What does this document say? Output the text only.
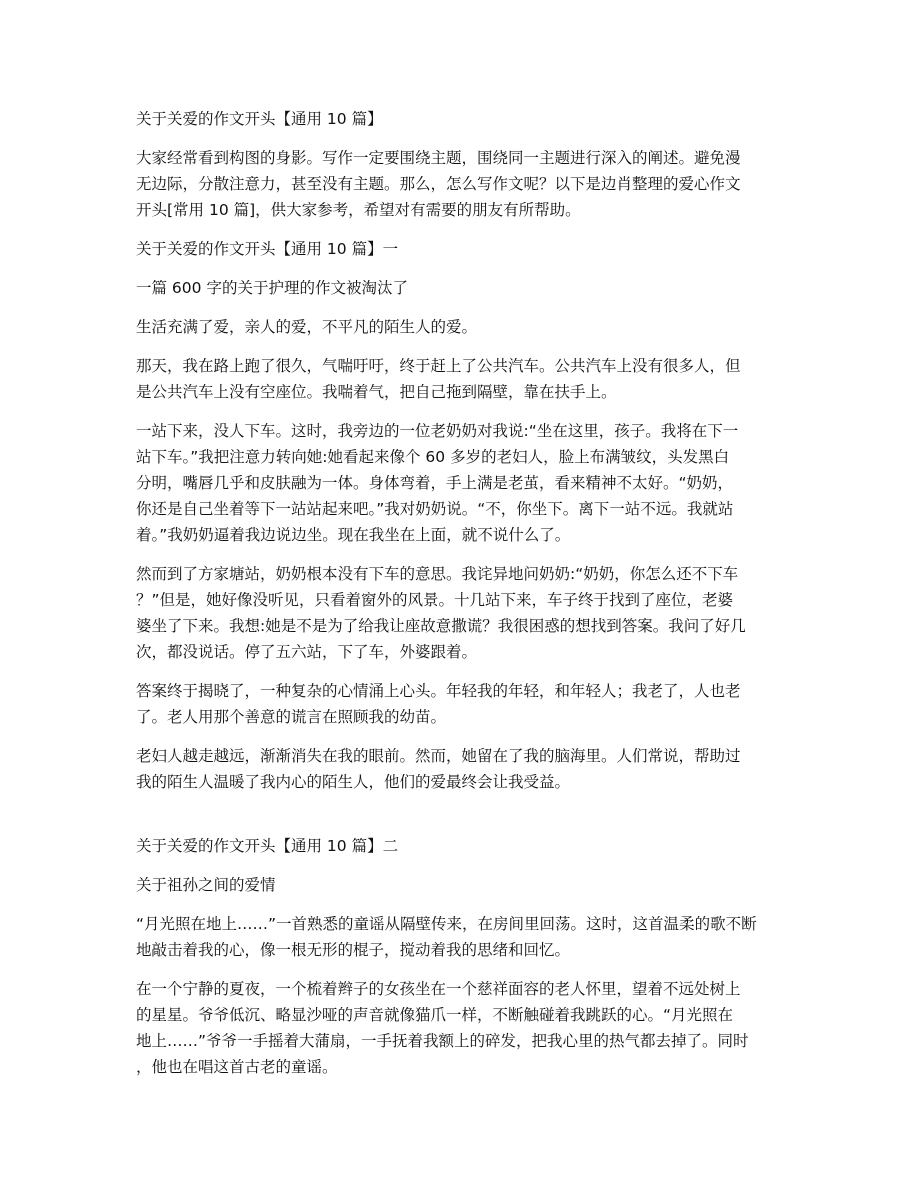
关于关爱的作文开头【通用 10 篇】
大家经常看到构图的身影。写作一定要围绕主题，围绕同一主题进行深入的阐述。避免漫
无边际，分散注意力，甚至没有主题。那么，怎么写作文呢？以下是边肖整理的爱心作文
开头[常用 10 篇]，供大家参考，希望对有需要的朋友有所帮助。
关于关爱的作文开头【通用 10 篇】一
一篇 600 字的关于护理的作文被淘汰了
生活充满了爱，亲人的爱，不平凡的陌生人的爱。
那天，我在路上跑了很久，气喘吁吁，终于赶上了公共汽车。公共汽车上没有很多人，但
是公共汽车上没有空座位。我喘着气，把自己拖到隔壁，靠在扶手上。
一站下来，没人下车。这时，我旁边的一位老奶奶对我说:“坐在这里，孩子。我将在下一
站下车。”我把注意力转向她:她看起来像个 60 多岁的老妇人，脸上布满皱纹，头发黑白
分明，嘴唇几乎和皮肤融为一体。身体弯着，手上满是老茧，看来精神不太好。“奶奶，
你还是自己坐着等下一站站起来吧。”我对奶奶说。“不，你坐下。离下一站不远。我就站
着。”我奶奶逼着我边说边坐。现在我坐在上面，就不说什么了。
然而到了方家塘站，奶奶根本没有下车的意思。我诧异地问奶奶:“奶奶，你怎么还不下车
？”但是，她好像没听见，只看着窗外的风景。十几站下来，车子终于找到了座位，老婆
婆坐了下来。我想:她是不是为了给我让座故意撒谎？我很困惑的想找到答案。我问了好几
次，都没说话。停了五六站，下了车，外婆跟着。
答案终于揭晓了，一种复杂的心情涌上心头。年轻我的年轻，和年轻人；我老了，人也老
了。老人用那个善意的谎言在照顾我的幼苗。
老妇人越走越远，渐渐消失在我的眼前。然而，她留在了我的脑海里。人们常说，帮助过
我的陌生人温暖了我内心的陌生人，他们的爱最终会让我受益。
关于关爱的作文开头【通用 10 篇】二
关于祖孙之间的爱情
“月光照在地上……”一首熟悉的童谣从隔壁传来，在房间里回荡。这时，这首温柔的歌不断
地敲击着我的心，像一根无形的棍子，搅动着我的思绪和回忆。
在一个宁静的夏夜，一个梳着辫子的女孩坐在一个慈祥面容的老人怀里，望着不远处树上
的星星。爷爷低沉、略显沙哑的声音就像猫爪一样，不断触碰着我跳跃的心。“月光照在
地上……”爷爷一手摇着大蒲扇，一手抚着我额上的碎发，把我心里的热气都去掉了。同时
，他也在唱这首古老的童谣。
